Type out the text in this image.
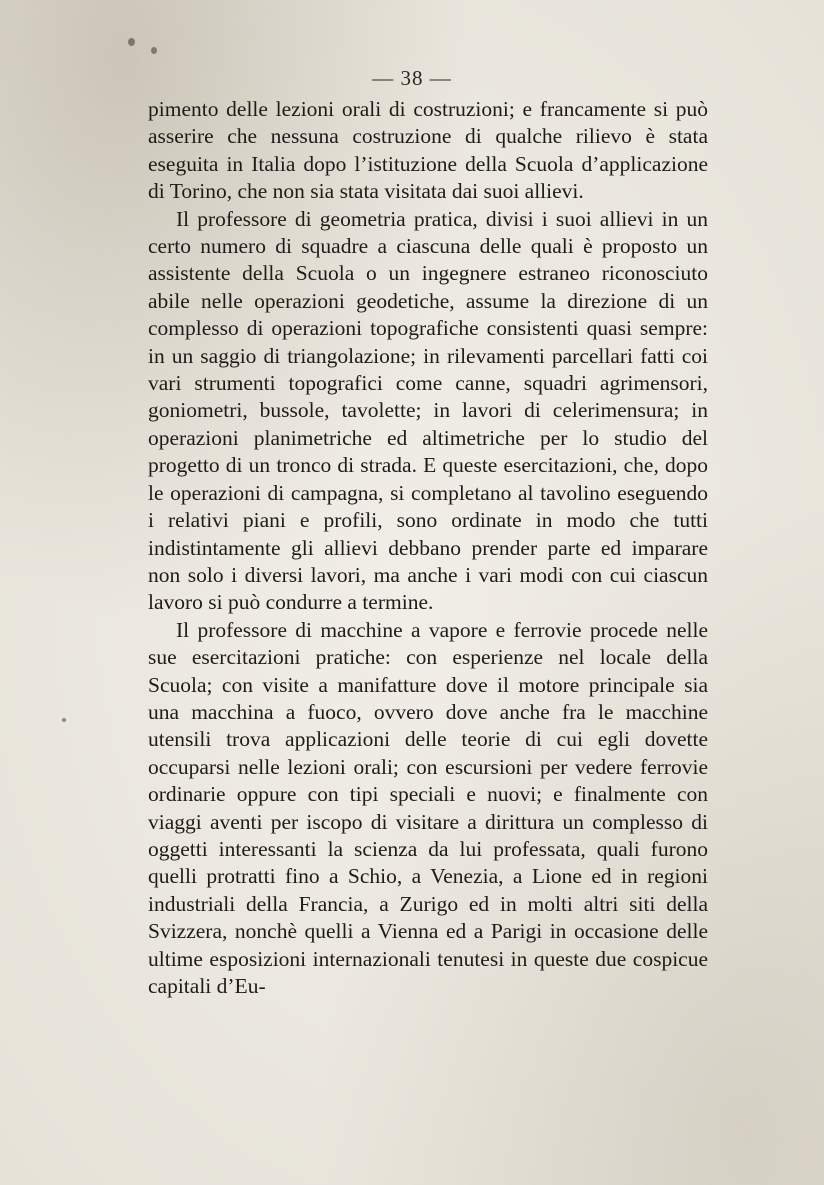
— 38 —

pimento delle lezioni orali di costruzioni; e francamente si può asserire che nessuna costruzione di qualche rilievo è stata eseguita in Italia dopo l’istituzione della Scuola d’applicazione di Torino, che non sia stata visitata dai suoi allievi.

Il professore di geometria pratica, divisi i suoi allievi in un certo numero di squadre a ciascuna delle quali è proposto un assistente della Scuola o un ingegnere estraneo riconosciuto abile nelle operazioni geodetiche, assume la direzione di un complesso di operazioni topografiche consistenti quasi sempre: in un saggio di triangolazione; in rilevamenti parcellari fatti coi vari strumenti topografici come canne, squadri agrimensori, goniometri, bussole, tavolette; in lavori di celerimensura; in operazioni planimetriche ed altimetriche per lo studio del progetto di un tronco di strada. E queste esercitazioni, che, dopo le operazioni di campagna, si completano al tavolino eseguendo i relativi piani e profili, sono ordinate in modo che tutti indistintamente gli allievi debbano prender parte ed imparare non solo i diversi lavori, ma anche i vari modi con cui ciascun lavoro si può condurre a termine.

Il professore di macchine a vapore e ferrovie procede nelle sue esercitazioni pratiche: con esperienze nel locale della Scuola; con visite a manifatture dove il motore principale sia una macchina a fuoco, ovvero dove anche fra le macchine utensili trova applicazioni delle teorie di cui egli dovette occuparsi nelle lezioni orali; con escursioni per vedere ferrovie ordinarie oppure con tipi speciali e nuovi; e finalmente con viaggi aventi per iscopo di visitare a dirittura un complesso di oggetti interessanti la scienza da lui professata, quali furono quelli protratti fino a Schio, a Venezia, a Lione ed in regioni industriali della Francia, a Zurigo ed in molti altri siti della Svizzera, nonchè quelli a Vienna ed a Parigi in occasione delle ultime esposizioni internazionali tenutesi in queste due cospicue capitali d’Eu-
